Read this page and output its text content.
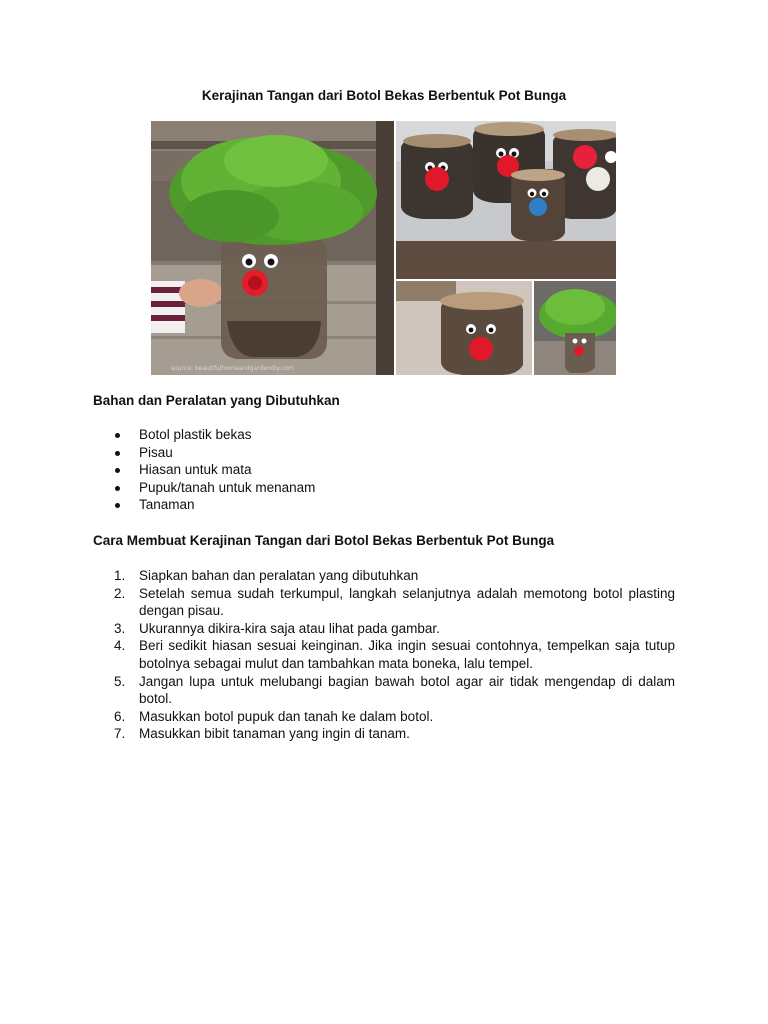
Kerajinan Tangan dari Botol Bekas Berbentuk Pot Bunga
source: beautifulhomeandgardendiy.com
Bahan dan Peralatan yang Dibutuhkan
Botol plastik bekas
Pisau
Hiasan untuk mata
Pupuk/tanah untuk menanam
Tanaman
Cara Membuat Kerajinan Tangan dari Botol Bekas Berbentuk Pot Bunga
1. Siapkan bahan dan peralatan yang dibutuhkan
2. Setelah semua sudah terkumpul, langkah selanjutnya adalah memotong botol plasting dengan pisau.
3. Ukurannya dikira-kira saja atau lihat pada gambar.
4. Beri sedikit hiasan sesuai keinginan. Jika ingin sesuai contohnya, tempelkan saja tutup botolnya sebagai mulut dan tambahkan mata boneka, lalu tempel.
5. Jangan lupa untuk melubangi bagian bawah botol agar air tidak mengendap di dalam botol.
6. Masukkan botol pupuk dan tanah ke dalam botol.
7. Masukkan bibit tanaman yang ingin di tanam.
